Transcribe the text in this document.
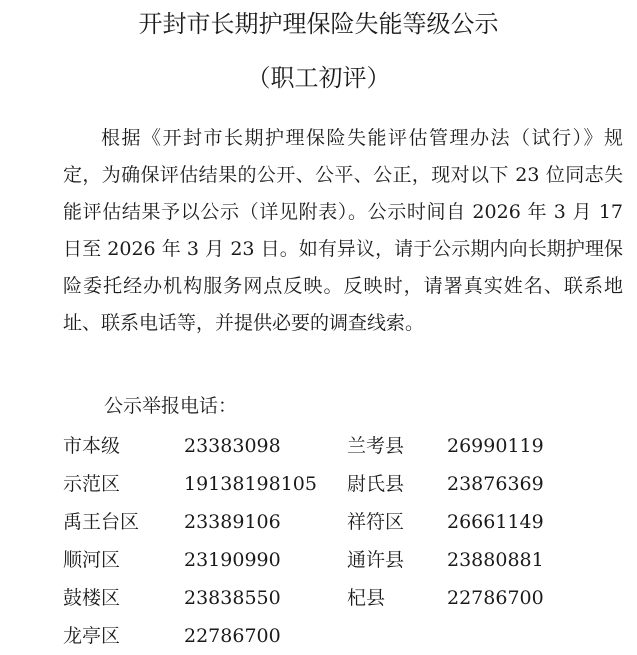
开封市长期护理保险失能等级公示
（职工初评）

根据《开封市长期护理保险失能评估管理办法（试行）》规定，为确保评估结果的公开、公平、公正，现对以下 23 位同志失能评估结果予以公示（详见附表）。公示时间自 2026 年 3 月 17 日至 2026 年 3 月 23 日。如有异议，请于公示期内向长期护理保险委托经办机构服务网点反映。反映时，请署真实姓名、联系地址、联系电话等，并提供必要的调查线索。

公示举报电话：
市本级	23383098	兰考县 26990119
示范区	19138198105 尉氏县 23876369
禹王台区 23389106	祥符区 26661149
顺河区	23190990	通许县 23880881
鼓楼区	23838550	杞县	22786700
龙亭区	22786700
